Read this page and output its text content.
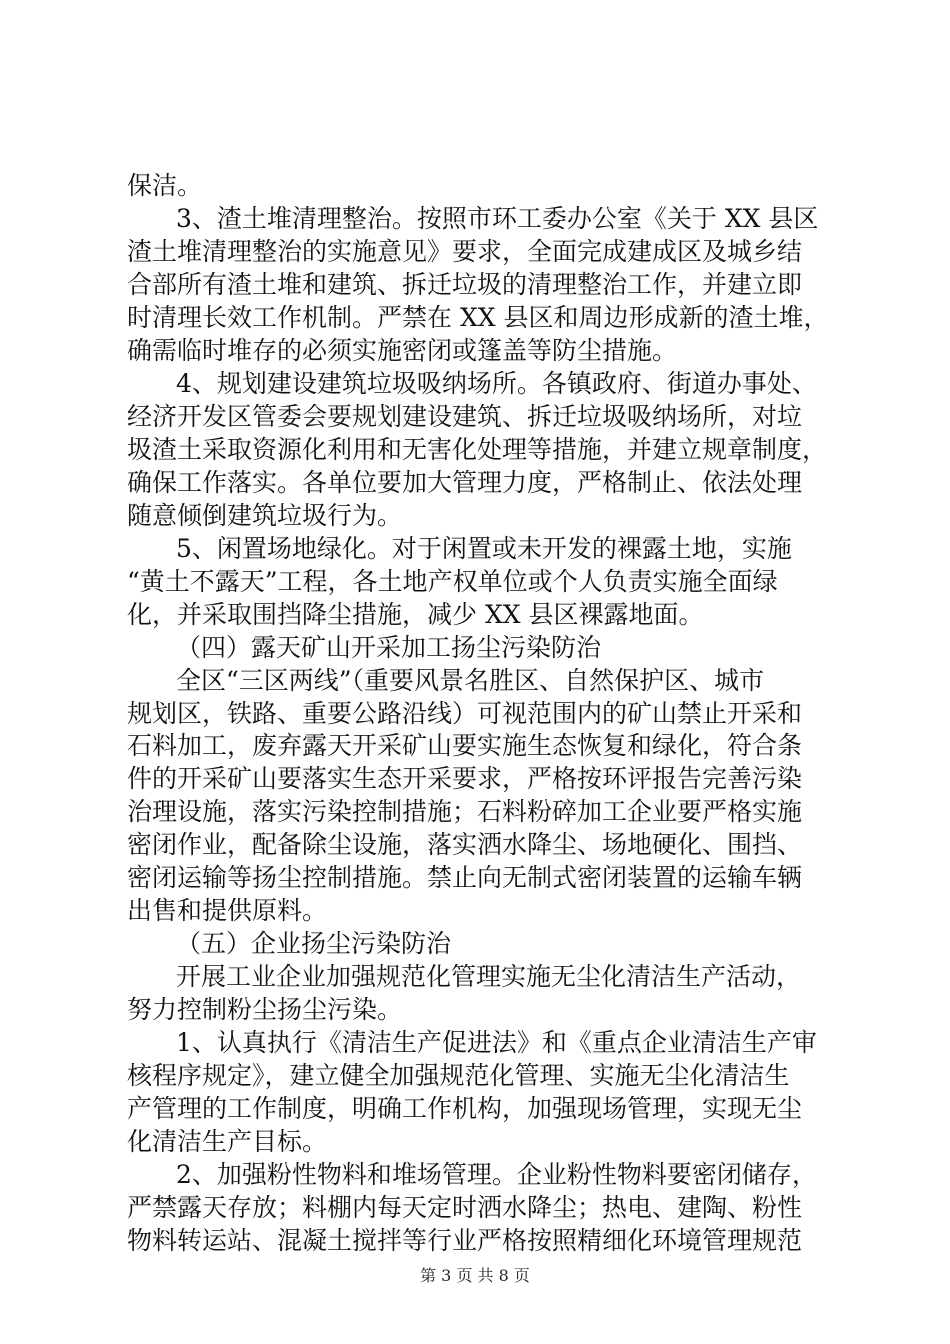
保洁。
3、渣土堆清理整治。按照市环工委办公室《关于 XX 县区
渣土堆清理整治的实施意见》要求，全面完成建成区及城乡结
合部所有渣土堆和建筑、拆迁垃圾的清理整治工作，并建立即
时清理长效工作机制。严禁在 XX 县区和周边形成新的渣土堆，
确需临时堆存的必须实施密闭或篷盖等防尘措施。
4、规划建设建筑垃圾吸纳场所。各镇政府、街道办事处、
经济开发区管委会要规划建设建筑、拆迁垃圾吸纳场所，对垃
圾渣土采取资源化利用和无害化处理等措施，并建立规章制度，
确保工作落实。各单位要加大管理力度，严格制止、依法处理
随意倾倒建筑垃圾行为。
5、闲置场地绿化。对于闲置或未开发的裸露土地，实施
“黄土不露天”工程，各土地产权单位或个人负责实施全面绿
化，并采取围挡降尘措施，减少 XX 县区裸露地面。
（四）露天矿山开采加工扬尘污染防治
全区“三区两线”（重要风景名胜区、自然保护区、城市
规划区，铁路、重要公路沿线）可视范围内的矿山禁止开采和
石料加工，废弃露天开采矿山要实施生态恢复和绿化，符合条
件的开采矿山要落实生态开采要求，严格按环评报告完善污染
治理设施，落实污染控制措施；石料粉碎加工企业要严格实施
密闭作业，配备除尘设施，落实洒水降尘、场地硬化、围挡、
密闭运输等扬尘控制措施。禁止向无制式密闭装置的运输车辆
出售和提供原料。
（五）企业扬尘污染防治
开展工业企业加强规范化管理实施无尘化清洁生产活动，
努力控制粉尘扬尘污染。
1、认真执行《清洁生产促进法》和《重点企业清洁生产审
核程序规定》，建立健全加强规范化管理、实施无尘化清洁生
产管理的工作制度，明确工作机构，加强现场管理，实现无尘
化清洁生产目标。
2、加强粉性物料和堆场管理。企业粉性物料要密闭储存，
严禁露天存放；料棚内每天定时洒水降尘；热电、建陶、粉性
物料转运站、混凝土搅拌等行业严格按照精细化环境管理规范
第 3 页 共 8 页
